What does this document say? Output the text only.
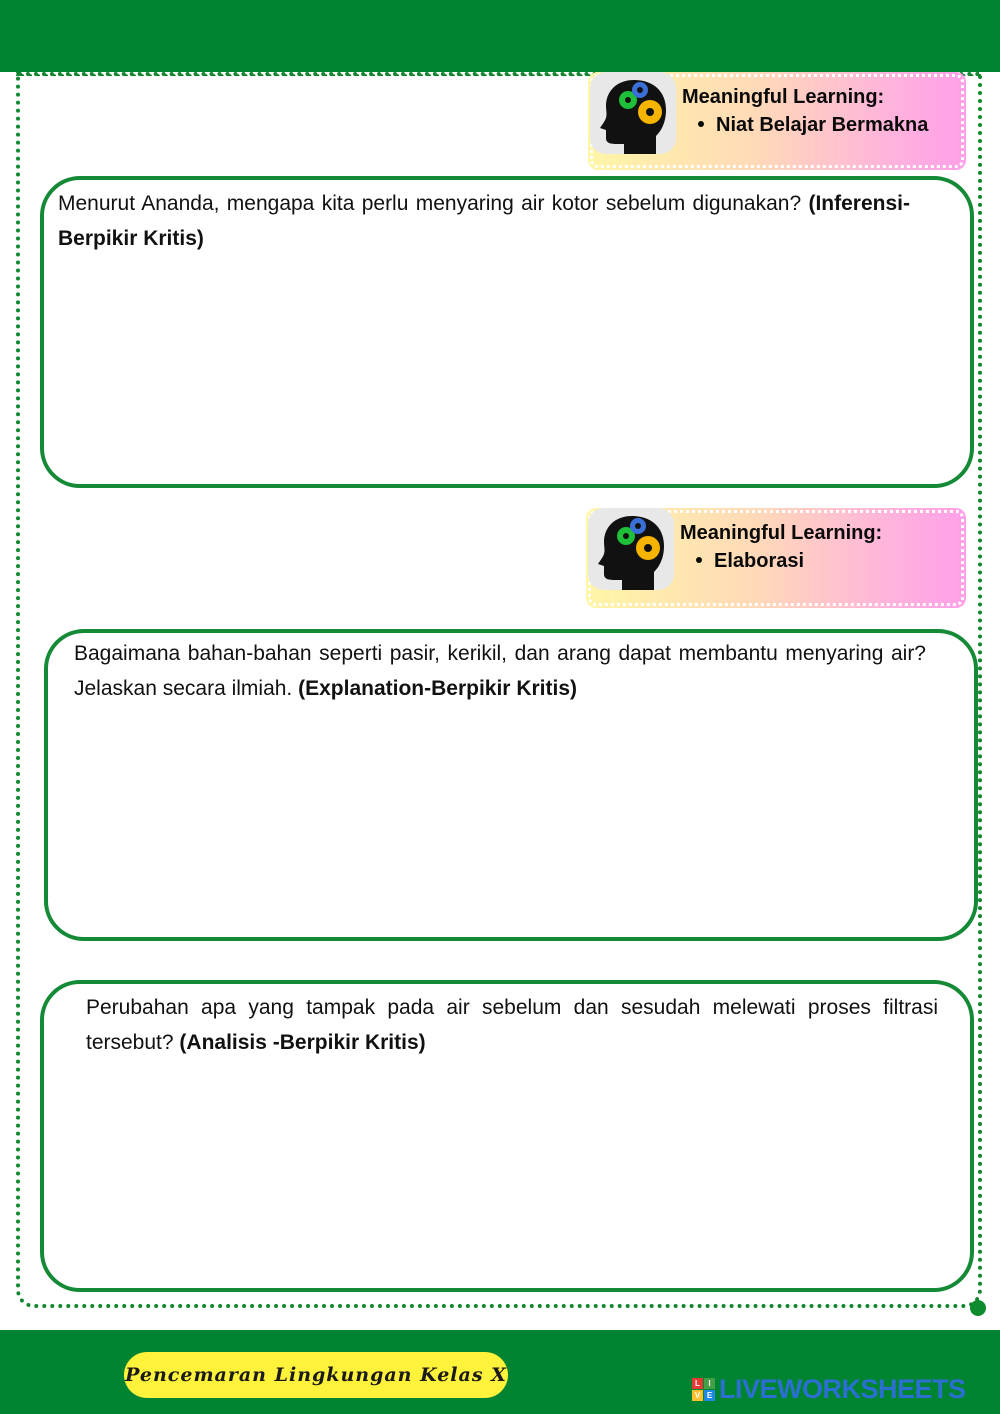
Meaningful Learning:
Niat Belajar Bermakna
Menurut Ananda, mengapa kita perlu menyaring air kotor sebelum digunakan? (Inferensi-Berpikir Kritis)
Meaningful Learning:
Elaborasi
Bagaimana bahan-bahan seperti pasir, kerikil, dan arang dapat membantu menyaring air? Jelaskan secara ilmiah. (Explanation-Berpikir Kritis)
Perubahan apa yang tampak pada air sebelum dan sesudah melewati proses filtrasi tersebut? (Analisis -Berpikir Kritis)
Pencemaran Lingkungan Kelas X	L	I
V E LIVEWORKSHEETS
